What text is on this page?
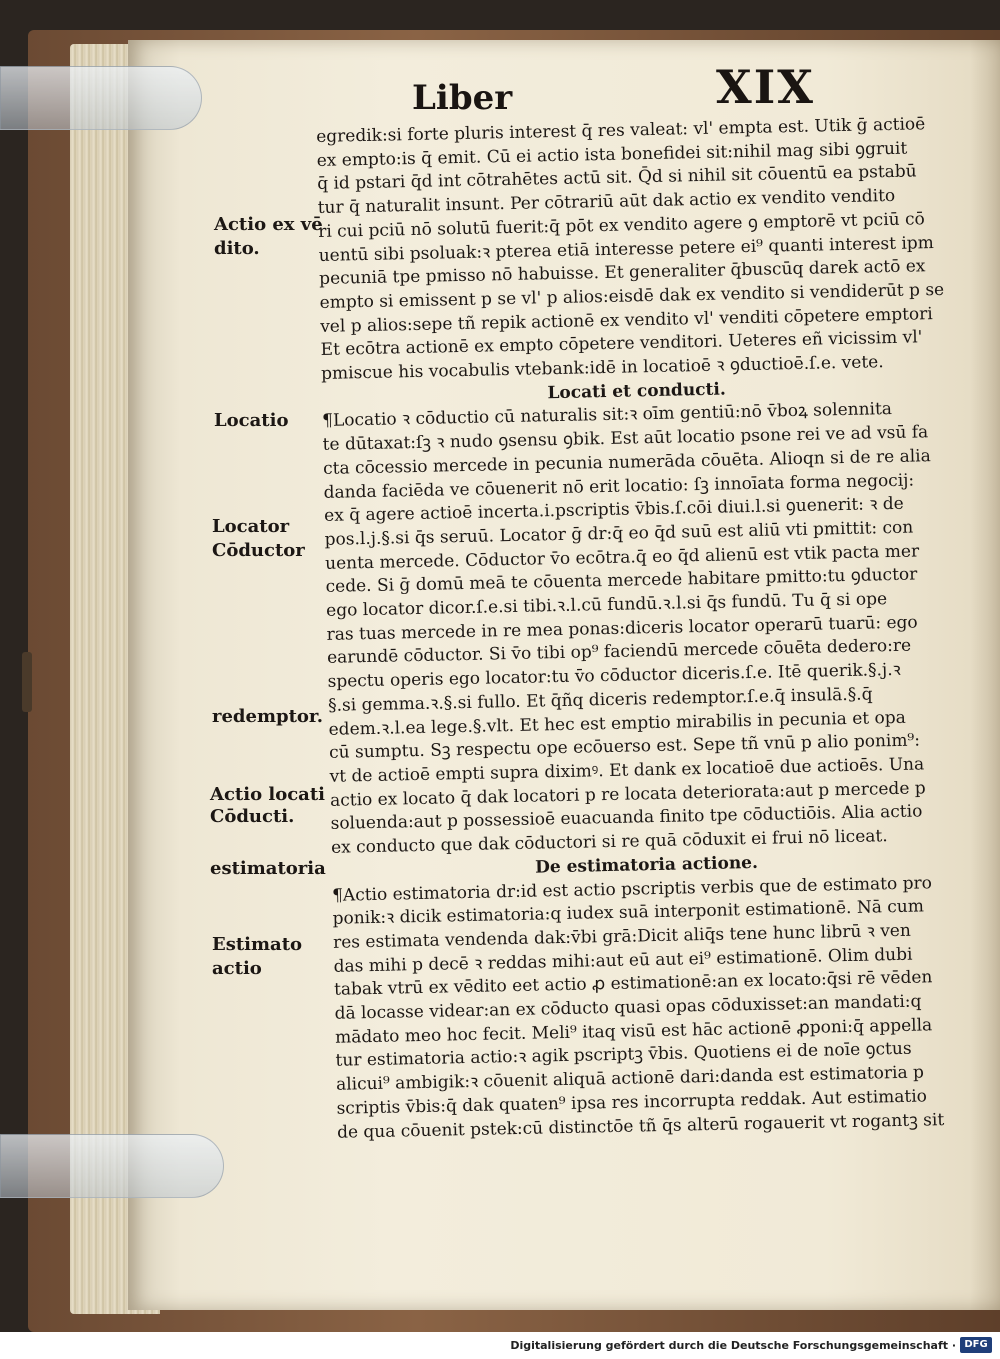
Liber	XIX
egredik:si forte pluris interest q̄ res valeat: vl' empta est. Utik ḡ actioē
ex empto:is q̄ emit. Cū ei actio ista bonefidei sit:nihil mag sibi ꝯgruit
q̄ id pstari q̄d int cōtrahētes actū sit. Q̄d si nihil sit cōuentū ea pstabū
tur q̄ naturalit insunt. Per cōtrariū aūt dak actio ex vendito vendito
ri cui pciū nō solutū fuerit:q̄ pōt ex vendito agere ꝯ emptorē vt pciū cō
uentū sibi psoluak:ꝛ pterea etiā interesse petere ei⁹ quanti interest ipm
pecuniā tpe pmisso nō habuisse. Et generaliter q̄buscūq darek actō ex
empto si emissent p se vl' p alios:eisdē dak ex vendito si vendiderūt p se
vel p alios:sepe tñ repik actionē ex vendito vl' venditi cōpetere emptori
Et ecōtra actionē ex empto cōpetere venditori. Ueteres eñ vicissim vl'
pmiscue his vocabulis vtebank:idē in locatioē ꝛ ꝯductioē.ſ.e. vete.
Locati et conducti.
¶Locatio ꝛ cōductio cū naturalis sit:ꝛ oīm gentiū:nō v̄boꝝ solennita
te dūtaxat:ſꝫ ꝛ nudo ꝯsensu ꝯbik. Est aūt locatio psone rei ve ad vsū fa
cta cōcessio mercede in pecunia numerāda cōuēta. Alioqn si de re alia
danda faciēda ve cōuenerit nō erit locatio: ſꝫ innoīata forma negocij:
ex q̄ agere actioē incerta.i.pscriptis v̄bis.ſ.cōi diui.l.si ꝯuenerit: ꝛ de
pos.l.j.§.si q̄s seruū. Locator ḡ dr:q̄ eo q̄d suū est aliū vti pmittit: con
uenta mercede. Cōductor v̄o ecōtra.q̄ eo q̄d alienū est vtik pacta mer
cede. Si ḡ domū meā te cōuenta mercede habitare pmitto:tu ꝯductor
ego locator dicor.ſ.e.si tibi.ꝛ.l.cū fundū.ꝛ.l.si q̄s fundū. Tu q̄ si ope
ras tuas mercede in re mea ponas:diceris locator operarū tuarū: ego
earundē cōductor. Si v̄o tibi op⁹ faciendū mercede cōuēta dedero:re
spectu operis ego locator:tu v̄o cōductor diceris.ſ.e. Itē querik.§.j.ꝛ
§.si gemma.ꝛ.§.si fullo. Et q̄ñq diceris redemptor.ſ.e.q̄ insulā.§.q̄
edem.ꝛ.l.ea lege.§.vlt. Et hec est emptio mirabilis in pecunia et opa
cū sumptu. Sꝫ respectu ope ecōuerso est. Sepe tñ vnū p alio ponim⁹:
vt de actioē empti supra diximꝰ. Et dank ex locatioē due actioēs. Una
actio ex locato q̄ dak locatori p re locata deteriorata:aut p mercede p
soluenda:aut p possessioē euacuanda finito tpe cōductiōis. Alia actio
ex conducto que dak cōductori si re quā cōduxit ei frui nō liceat.
De estimatoria actione.
¶Actio estimatoria dr:id est actio pscriptis verbis que de estimato pro
ponik:ꝛ dicik estimatoria:q iudex suā interponit estimationē. Nā cum
res estimata vendenda dak:v̄bi grā:Dicit aliq̄s tene hunc librū ꝛ ven
das mihi p decē ꝛ reddas mihi:aut eū aut ei⁹ estimationē. Olim dubi
tabak vtrū ex vēdito eet actio ꝓ estimationē:an ex locato:q̄si rē vēden
dā locasse videar:an ex cōducto quasi opas cōduxisset:an mandati:q
mādato meo hoc fecit. Meli⁹ itaq visū est hāc actionē ꝓponi:q̄ appella
tur estimatoria actio:ꝛ agik pscriptꝫ v̄bis. Quotiens ei de noīe ꝯctus
alicui⁹ ambigik:ꝛ cōuenit aliquā actionē dari:danda est estimatoria p
scriptis v̄bis:q̄ dak quaten⁹ ipsa res incorrupta reddak. Aut estimatio
de qua cōuenit pstek:cū distinctōe tñ q̄s alterū rogauerit vt rogantꝫ sit
Actio ex vē
dito.
Locatio
Locator
Cōductor
redemptor.
Actio locati
Cōducti.
estimatoria
Estimato
actio
Digitalisierung gefördert durch die Deutsche Forschungsgemeinschaft · DFG
